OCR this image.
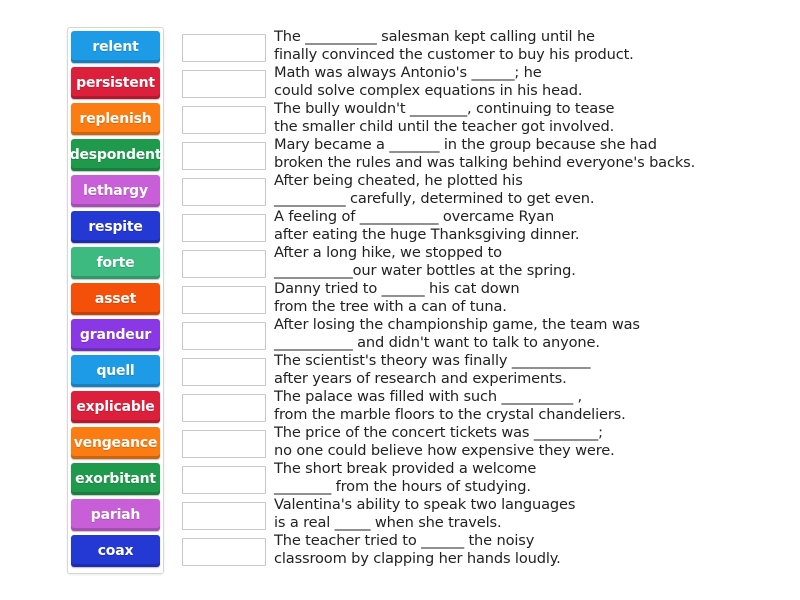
relent
persistent
replenish
despondent
lethargy
respite
forte
asset
grandeur
quell
explicable
vengeance
exorbitant
pariah
coax
The __________ salesman kept calling until he
finally convinced the customer to buy his product.
Math was always Antonio's ______; he
could solve complex equations in his head.
The bully wouldn't ________, continuing to tease
the smaller child until the teacher got involved.
Mary became a _______ in the group because she had
broken the rules and was talking behind everyone's backs.
After being cheated, he plotted his
__________ carefully, determined to get even.
A feeling of ___________ overcame Ryan
after eating the huge Thanksgiving dinner.
After a long hike, we stopped to
___________our water bottles at the spring.
Danny tried to ______ his cat down
from the tree with a can of tuna.
After losing the championship game, the team was
___________ and didn't want to talk to anyone.
The scientist's theory was finally ___________
after years of research and experiments.
The palace was filled with such __________ ,
from the marble floors to the crystal chandeliers.
The price of the concert tickets was _________;
no one could believe how expensive they were.
The short break provided a welcome
________ from the hours of studying.
Valentina's ability to speak two languages
is a real _____ when she travels.
The teacher tried to ______ the noisy
classroom by clapping her hands loudly.
